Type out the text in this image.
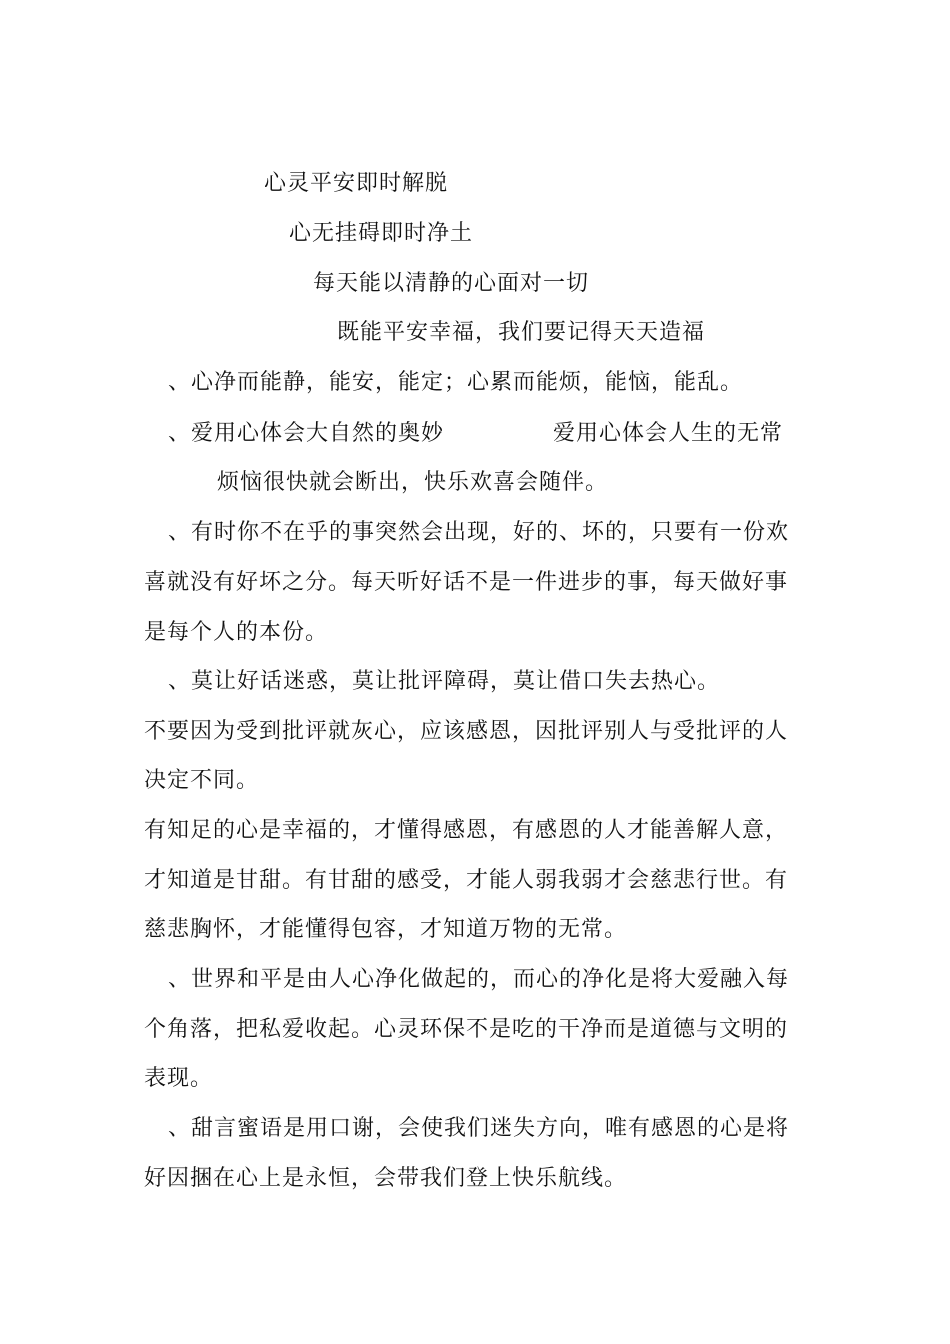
心灵平安即时解脱
心无挂碍即时净土
每天能以清静的心面对一切
既能平安幸福，我们要记得天天造福
、心净而能静，能安，能定；心累而能烦，能恼，能乱。
、爱用心体会大自然的奥妙	爱用心体会人生的无常
烦恼很快就会断出，快乐欢喜会随伴。
、有时你不在乎的事突然会出现，好的、坏的，只要有一份欢
喜就没有好坏之分。每天听好话不是一件进步的事，每天做好事
是每个人的本份。
、莫让好话迷惑，莫让批评障碍，莫让借口失去热心。
不要因为受到批评就灰心，应该感恩，因批评别人与受批评的人
决定不同。
有知足的心是幸福的，才懂得感恩，有感恩的人才能善解人意，
才知道是甘甜。有甘甜的感受，才能人弱我弱才会慈悲行世。有
慈悲胸怀，才能懂得包容，才知道万物的无常。
、世界和平是由人心净化做起的，而心的净化是将大爱融入每
个角落，把私爱收起。心灵环保不是吃的干净而是道德与文明的
表现。
、甜言蜜语是用口谢，会使我们迷失方向，唯有感恩的心是将
好因捆在心上是永恒，会带我们登上快乐航线。
